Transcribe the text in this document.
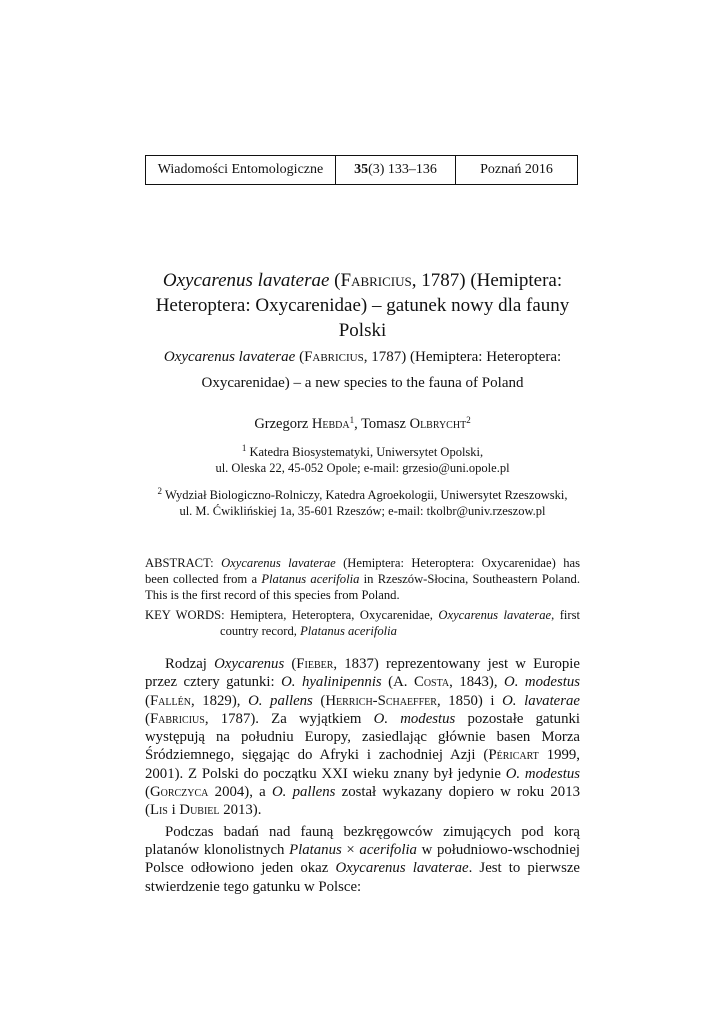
Wiadomości Entomologiczne 35 (3) 133–136	Poznań 2016
Oxycarenus lavaterae (Fabricius, 1787) (Hemiptera: Heteroptera: Oxycarenidae) – gatunek nowy dla fauny Polski
Oxycarenus lavaterae (Fabricius, 1787) (Hemiptera: Heteroptera: Oxycarenidae) – a new species to the fauna of Poland
Grzegorz Hebda$^1$, Tomasz Olbrycht$^2$
$^1$ Katedra Biosystematyki, Uniwersytet Opolski,
ul. Oleska 22, 45-052 Opole; e-mail: grzesio@uni.opole.pl
$^2$ Wydział Biologiczno-Rolniczy, Katedra Agroekologii, Uniwersytet Rzeszowski,
ul. M. Ćwiklińskiej 1a, 35-601 Rzeszów; e-mail: tkolbr@univ.rzeszow.pl

ABSTRACT: Oxycarenus lavaterae (Hemiptera: Heteroptera: Oxycarenidae) has been collected from a Platanus acerifolia in Rzeszów-Słocina, Southeastern Poland. This is the first record of this species from Poland.

KEY WORDS: Hemiptera, Heteroptera, Oxycarenidae, Oxycarenus lavaterae, first country record, Platanus acerifolia

Rodzaj Oxycarenus (Fieber, 1837) reprezentowany jest w Europie przez cztery gatunki: O. hyalinipennis (A. Costa, 1843), O. modestus (Fallén, 1829), O. pallens (Herrich-Schaeffer, 1850) i O. lavaterae (Fabricius, 1787). Za wyjątkiem O. modestus pozostałe gatunki występują na południu Europy, zasiedlając głównie basen Morza Śródziemnego, sięgając do Afryki i zachodniej Azji (Péricart 1999, 2001). Z Polski do początku XXI wieku znany był jedynie O. modestus (Gorczyca 2004), a O. pallens został wykazany dopiero w roku 2013 (Lis i Dubiel 2013).

Podczas badań nad fauną bezkręgowców zimujących pod korą platanów klonolistnych Platanus × acerifolia w południowo-wschodniej Polsce odłowiono jeden okaz Oxycarenus lavaterae. Jest to pierwsze stwierdzenie tego gatunku w Polsce:
